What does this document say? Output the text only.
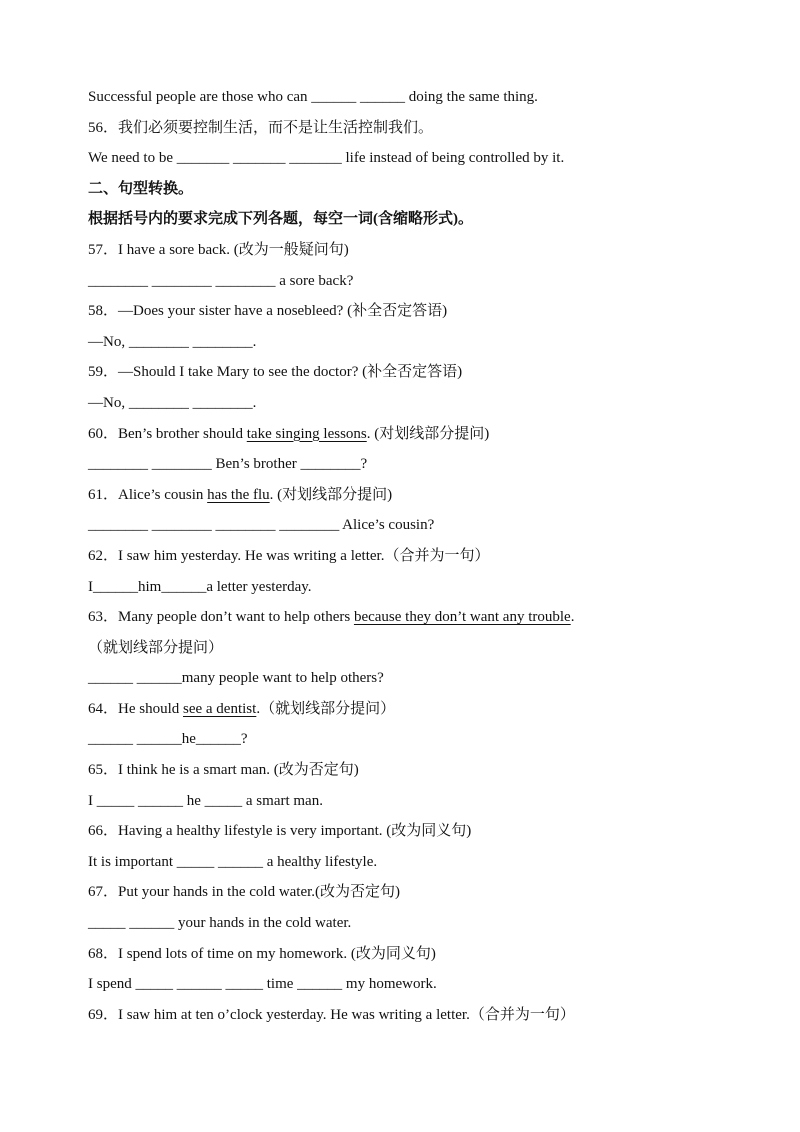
Successful people are those who can ______ ______ doing the same thing.
56．我们必须要控制生活，而不是让生活控制我们。
We need to be _______ _______ _______ life instead of being controlled by it.
二、句型转换。
根据括号内的要求完成下列各题，每空一词(含缩略形式)。
57．I have a sore back. (改为一般疑问句)
________ ________ ________ a sore back?
58．—Does your sister have a nosebleed? (补全否定答语)
—No, ________ ________.
59．—Should I take Mary to see the doctor? (补全否定答语)
—No, ________ ________.
60．Ben’s brother should take singing lessons. (对划线部分提问)
________ ________ Ben’s brother ________?
61．Alice’s cousin has the flu. (对划线部分提问)
________ ________ ________ ________ Alice’s cousin?
62．I saw him yesterday. He was writing a letter.（合并为一句）
I______him______a letter yesterday.
63．Many people don’t want to help others because they don’t want any trouble.
（就划线部分提问）
______ ______many people want to help others?
64．He should see a dentist.（就划线部分提问）
______ ______he______?
65．I think he is a smart man. (改为否定句)
I _____ ______ he _____ a smart man.
66．Having a healthy lifestyle is very important. (改为同义句)
It is important _____ ______ a healthy lifestyle.
67．Put your hands in the cold water.(改为否定句)
_____ ______ your hands in the cold water.
68．I spend lots of time on my homework. (改为同义句)
I spend _____ ______ _____ time ______ my homework.
69．I saw him at ten o’clock yesterday. He was writing a letter.（合并为一句）
